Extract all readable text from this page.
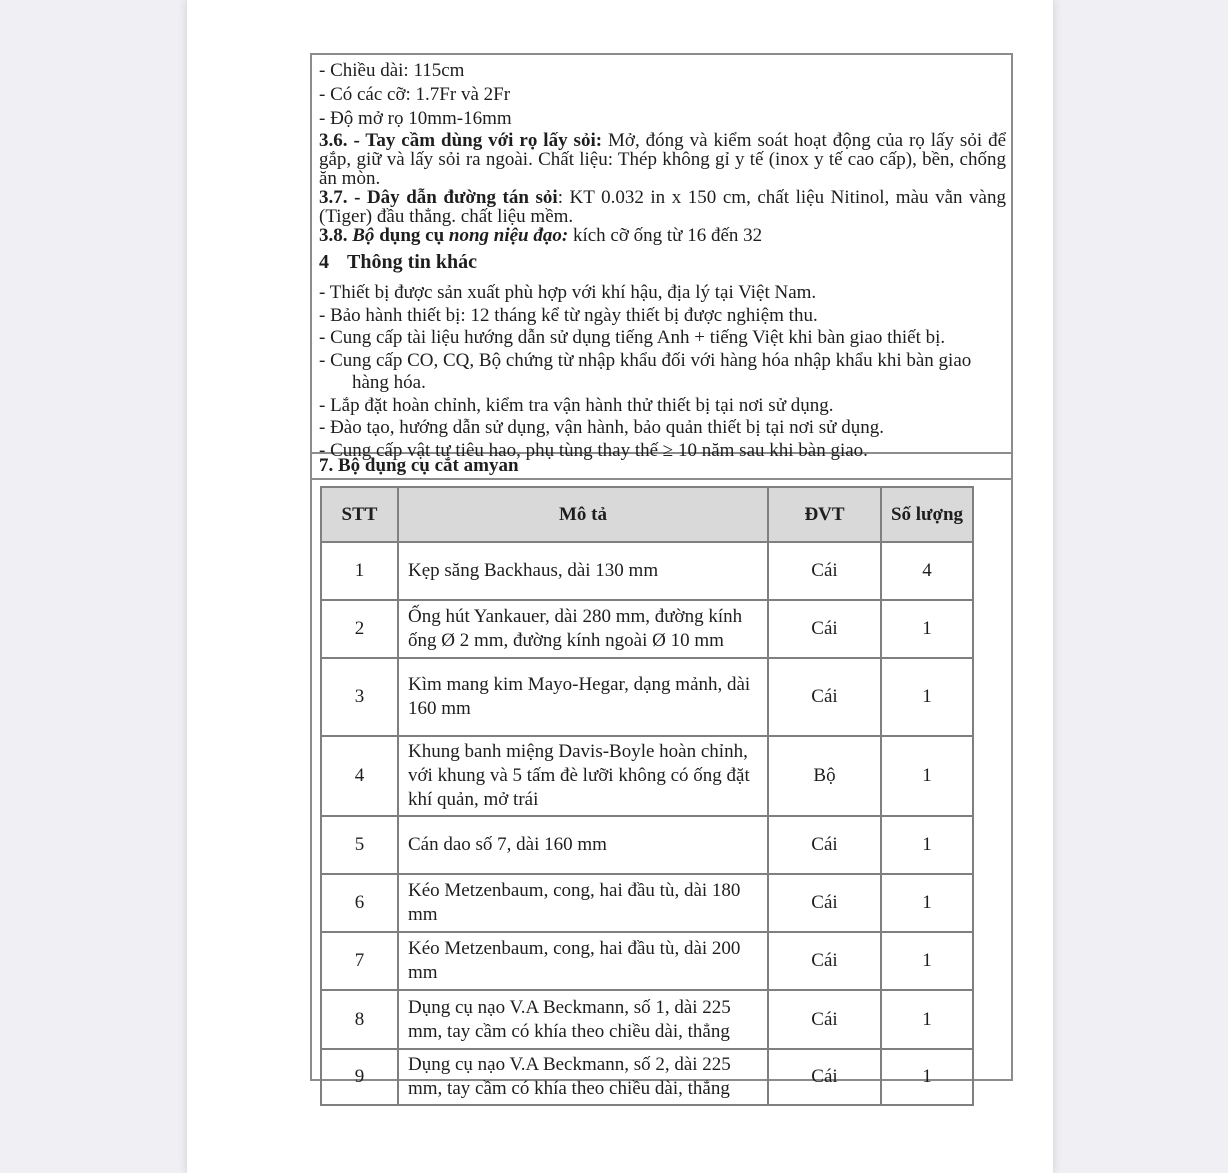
- Chiều dài: 115cm
- Có các cỡ: 1.7Fr và 2Fr
- Độ mở rọ 10mm-16mm

3.6. - Tay cầm dùng với rọ lấy sỏi: Mở, đóng và kiểm soát hoạt động của rọ lấy sỏi để gắp, giữ và lấy sỏi ra ngoài. Chất liệu: Thép không gỉ y tế (inox y tế cao cấp), bền, chống ăn mòn.

3.7. - Dây dẫn đường tán sỏi: KT 0.032 in x 150 cm, chất liệu Nitinol, màu vằn vàng (Tiger) đầu thẳng. chất liệu mềm.

3.8. Bộ dụng cụ nong niệu đạo: kích cỡ ống từ 16 đến 32

4 Thông tin khác
- Thiết bị được sản xuất phù hợp với khí hậu, địa lý tại Việt Nam.
- Bảo hành thiết bị: 12 tháng kể từ ngày thiết bị được nghiệm thu.
- Cung cấp tài liệu hướng dẫn sử dụng tiếng Anh + tiếng Việt khi bàn giao thiết bị.
- Cung cấp CO, CQ, Bộ chứng từ nhập khẩu đối với hàng hóa nhập khẩu khi bàn giao hàng hóa.
- Lắp đặt hoàn chỉnh, kiểm tra vận hành thử thiết bị tại nơi sử dụng.
- Đào tạo, hướng dẫn sử dụng, vận hành, bảo quản thiết bị tại nơi sử dụng.
- Cung cấp vật tư tiêu hao, phụ tùng thay thế ≥ 10 năm sau khi bàn giao.
7. Bộ dụng cụ cắt amyan
STT	Mô tả	ĐVT	Số lượng
1	Kẹp săng Backhaus, dài 130 mm	Cái	4
2	Ống hút Yankauer, dài 280 mm, đường kính ống Ø 2 mm, đường kính ngoài Ø 10 mm	Cái	1
3	Kìm mang kim Mayo-Hegar, dạng mảnh, dài 160 mm	Cái	1
4	Khung banh miệng Davis-Boyle hoàn chỉnh, với khung và 5 tấm đè lưỡi không có ống đặt khí quản, mở trái	Bộ	1
5	Cán dao số 7, dài 160 mm	Cái	1
6	Kéo Metzenbaum, cong, hai đầu tù, dài 180 mm	Cái	1
7	Kéo Metzenbaum, cong, hai đầu tù, dài 200 mm	Cái	1
8	Dụng cụ nạo V.A Beckmann, số 1, dài 225 mm, tay cầm có khía theo chiều dài, thẳng	Cái	1
9	Dụng cụ nạo V.A Beckmann, số 2, dài 225 mm, tay cầm có khía theo chiều dài, thẳng	Cái	1
